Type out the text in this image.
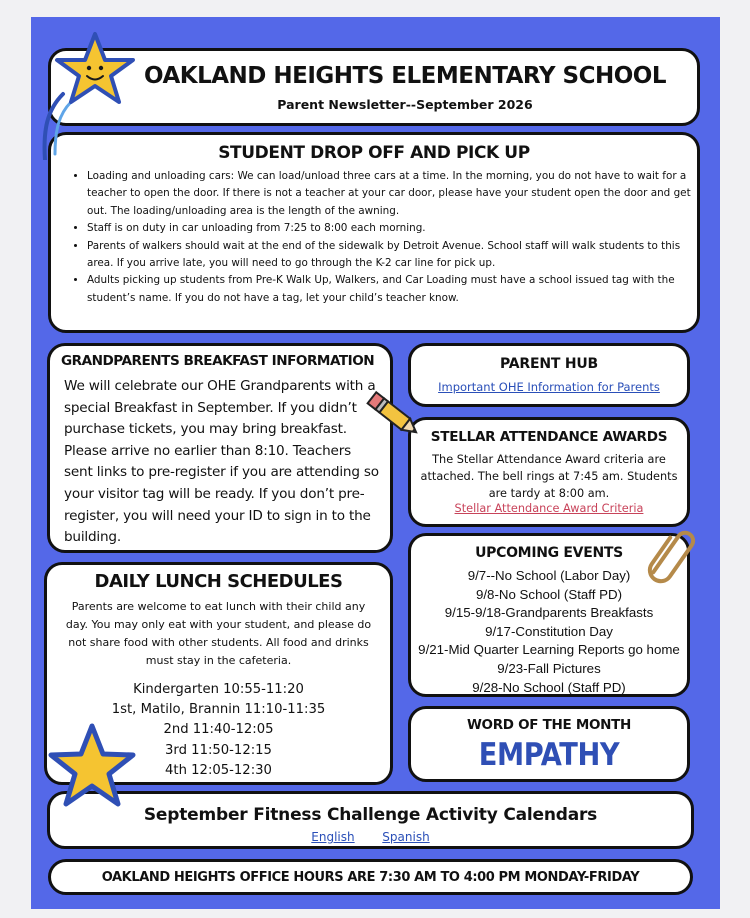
OAKLAND HEIGHTS ELEMENTARY SCHOOL
Parent Newsletter--September 2026
STUDENT DROP OFF AND PICK UP
• Loading and unloading cars: We can load/unload three cars at a time. In the morning, you do not have to wait for a teacher to open the door. If there is not a teacher at your car door, please have your student open the door and get out. The loading/unloading area is the length of the awning.
• Staff is on duty in car unloading from 7:25 to 8:00 each morning.
• Parents of walkers should wait at the end of the sidewalk by Detroit Avenue. School staff will walk students to this area. If you arrive late, you will need to go through the K-2 car line for pick up.
• Adults picking up students from Pre-K Walk Up, Walkers, and Car Loading must have a school issued tag with the student’s name. If you do not have a tag, let your child’s teacher know.
GRANDPARENTS BREAKFAST INFORMATION
We will celebrate our OHE Grandparents with a special Breakfast in September. If you didn’t purchase tickets, you may bring breakfast. Please arrive no earlier than 8:10. Teachers sent links to pre-register if you are attending so your visitor tag will be ready. If you don’t pre-register, you will need your ID to sign in to the building.
PARENT HUB
Important OHE Information for Parents
STELLAR ATTENDANCE AWARDS
The Stellar Attendance Award criteria are attached. The bell rings at 7:45 am. Students are tardy at 8:00 am.
Stellar Attendance Award Criteria
DAILY LUNCH SCHEDULES
Parents are welcome to eat lunch with their child any day. You may only eat with your student, and please do not share food with other students. All food and drinks must stay in the cafeteria.
Kindergarten 10:55-11:20
1st, Matilo, Brannin 11:10-11:35
2nd 11:40-12:05
3rd 11:50-12:15
4th 12:05-12:30
UPCOMING EVENTS
9/7--No School (Labor Day)
9/8-No School (Staff PD)
9/15-9/18-Grandparents Breakfasts
9/17-Constitution Day
9/21-Mid Quarter Learning Reports go home
9/23-Fall Pictures
9/28-No School (Staff PD)
WORD OF THE MONTH
EMPATHY
September Fitness Challenge Activity Calendars
English Spanish
OAKLAND HEIGHTS OFFICE HOURS ARE 7:30 AM TO 4:00 PM MONDAY-FRIDAY
